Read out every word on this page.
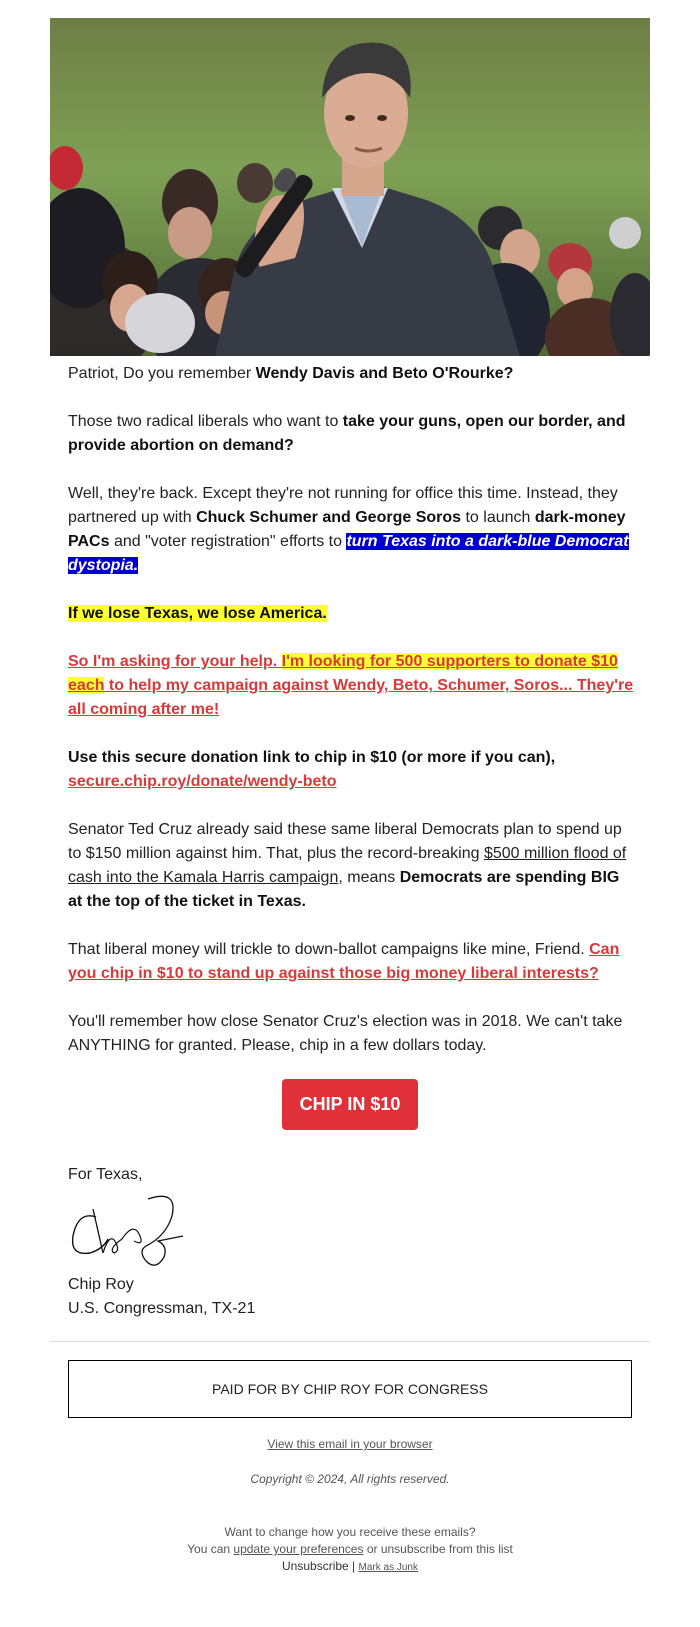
Patriot, Do you remember Wendy Davis and Beto O'Rourke?

Those two radical liberals who want to take your guns, open our border, and provide abortion on demand?

Well, they're back. Except they're not running for office this time. Instead, they partnered up with Chuck Schumer and George Soros to launch dark-money PACs and "voter registration" efforts to turn Texas into a dark-blue Democrat dystopia.

If we lose Texas, we lose America.

So I'm asking for your help. I'm looking for 500 supporters to donate $10 each to help my campaign against Wendy, Beto, Schumer, Soros... They're all coming after me!

Use this secure donation link to chip in $10 (or more if you can), secure.chip.roy/donate/wendy-beto

Senator Ted Cruz already said these same liberal Democrats plan to spend up to $150 million against him. That, plus the record-breaking $500 million flood of cash into the Kamala Harris campaign, means Democrats are spending BIG at the top of the ticket in Texas.

That liberal money will trickle to down-ballot campaigns like mine, Friend. Can you chip in $10 to stand up against those big money liberal interests?

You'll remember how close Senator Cruz's election was in 2018. We can't take ANYTHING for granted. Please, chip in a few dollars today.

CHIP IN $10
For Texas,
Chip Roy
U.S. Congressman, TX-21
PAID FOR BY CHIP ROY FOR CONGRESS
View this email in your browser
Copyright © 2024, All rights reserved.
Want to change how you receive these emails?
You can update your preferences or unsubscribe from this list
Unsubscribe | Mark as Junk
